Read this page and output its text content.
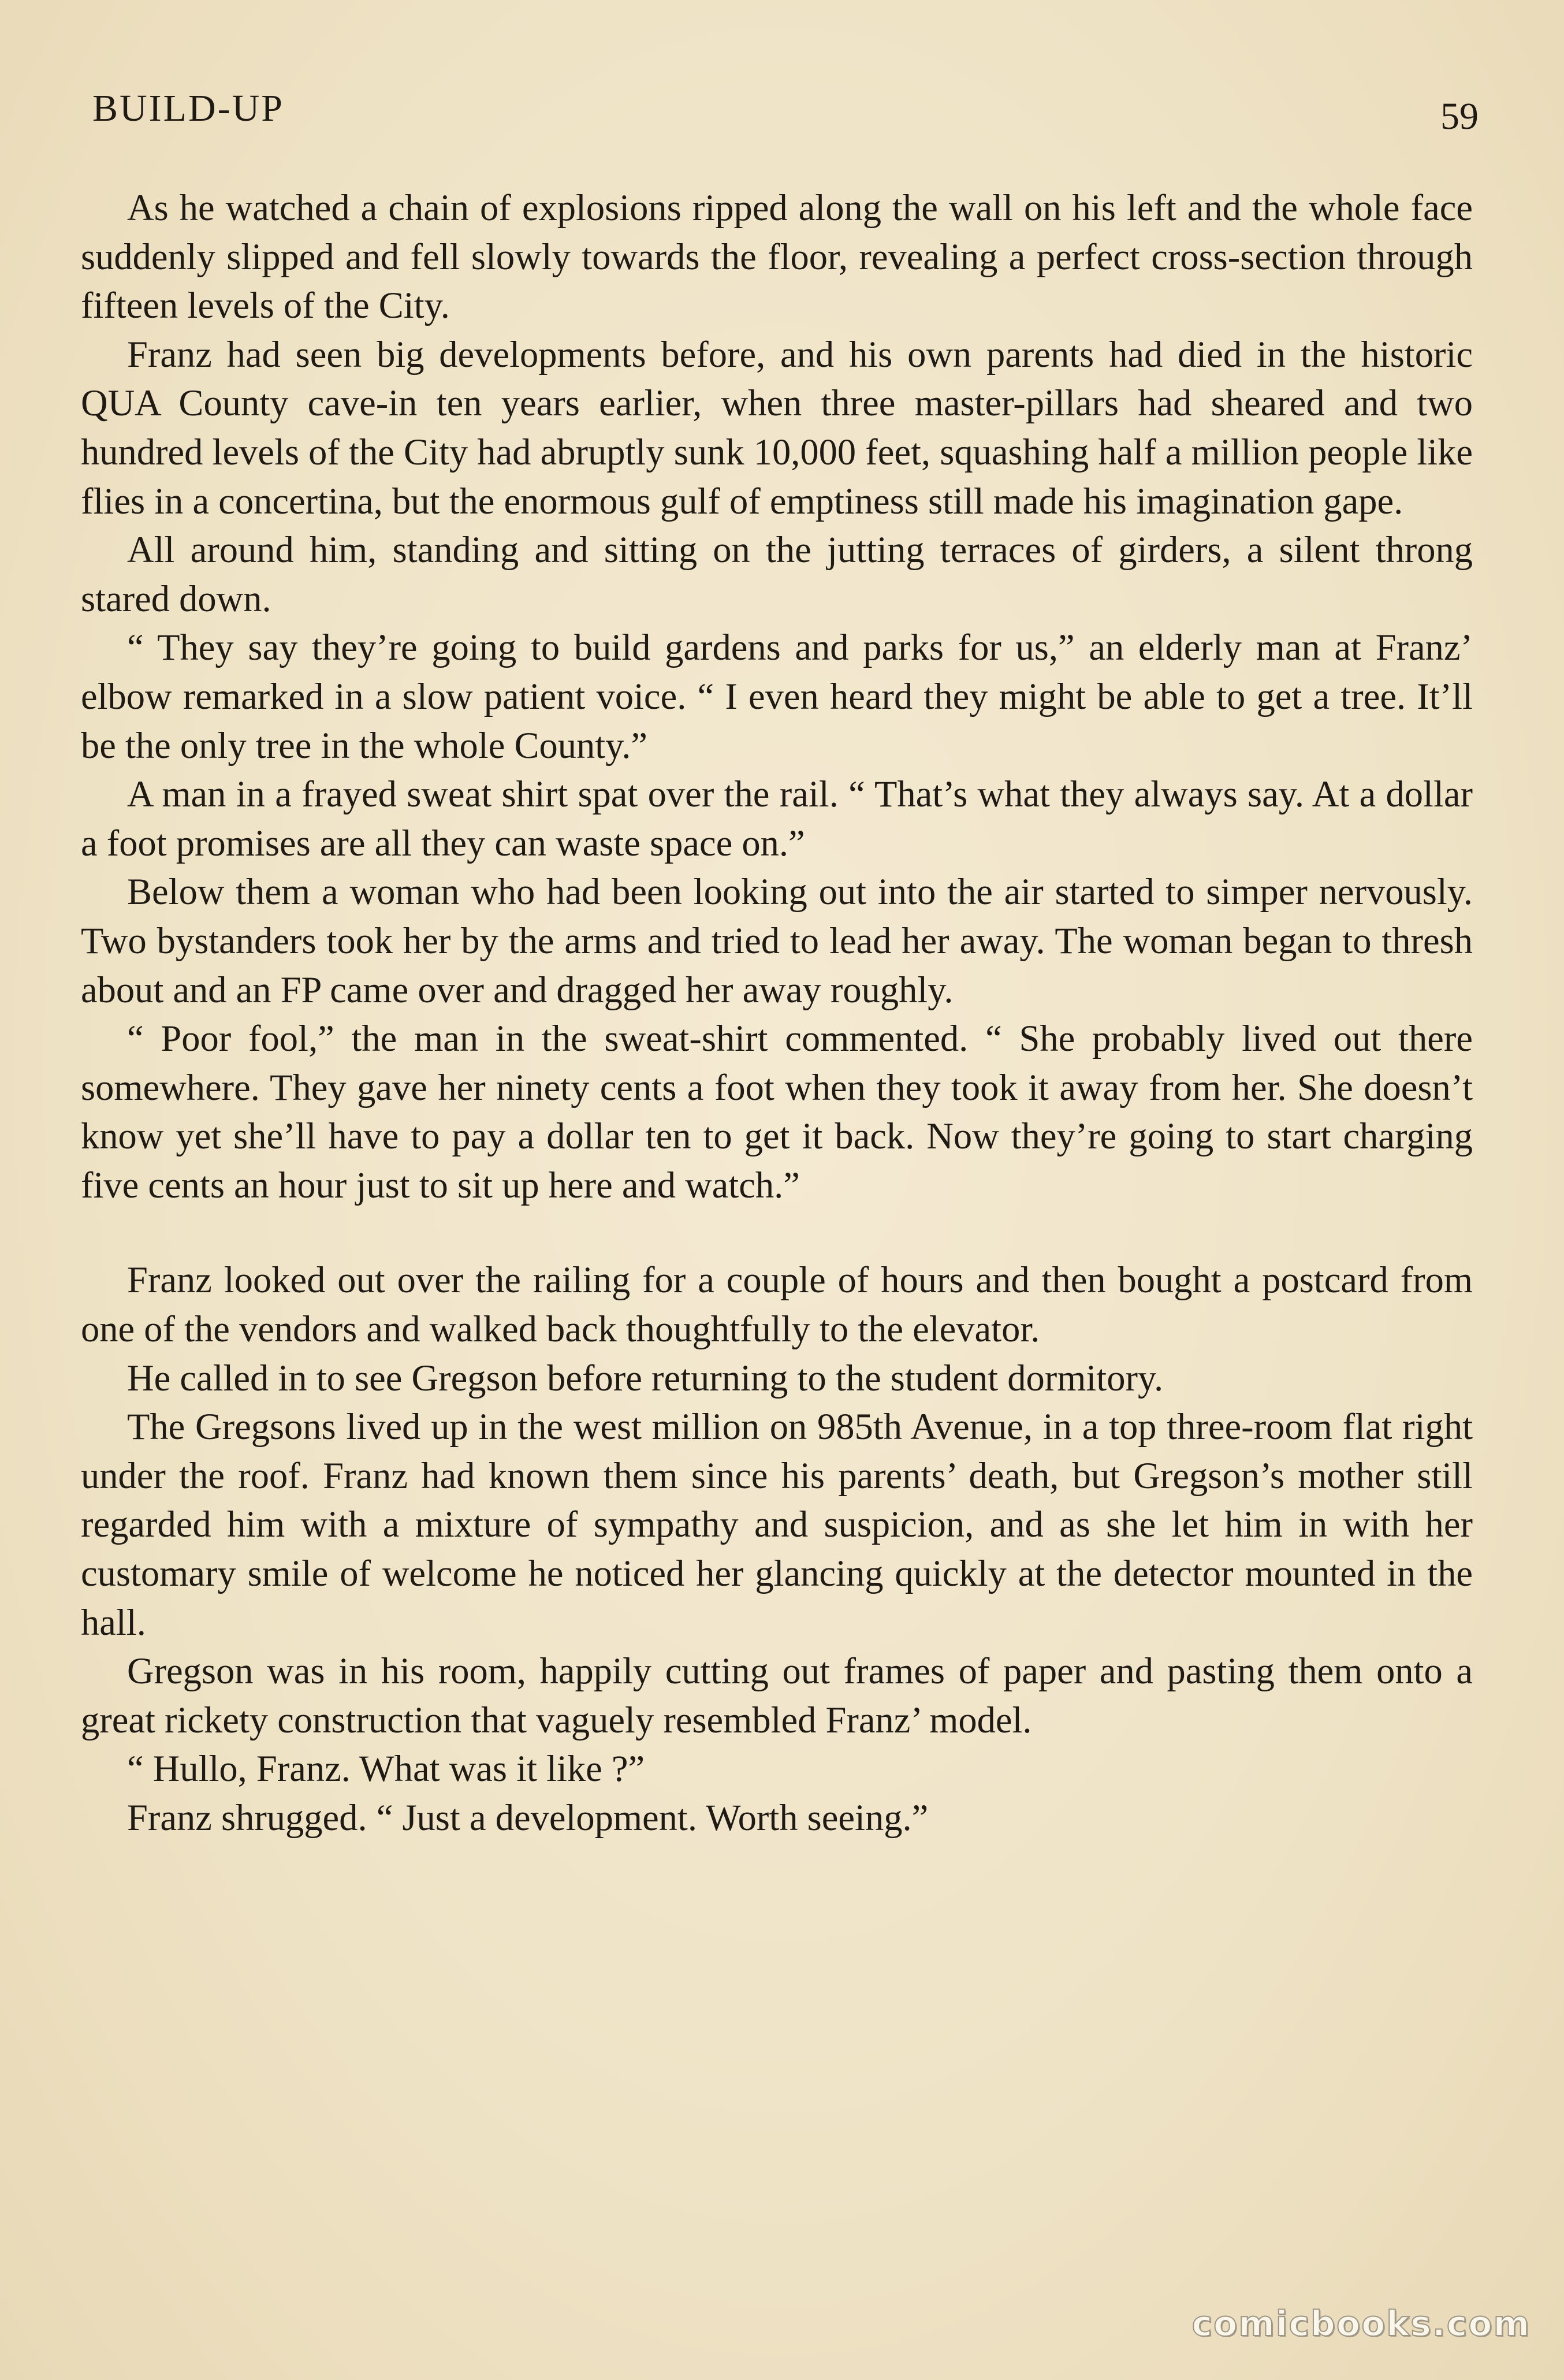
BUILD-UP	59

As he watched a chain of explosions ripped along the wall on his left and the whole face suddenly slipped and fell slowly towards the floor, revealing a perfect cross-section through fifteen levels of the City.

Franz had seen big developments before, and his own parents had died in the historic QUA County cave-in ten years earlier, when three master-pillars had sheared and two hundred levels of the City had abruptly sunk 10,000 feet, squashing half a million people like flies in a concertina, but the enormous gulf of emptiness still made his imagination gape.

All around him, standing and sitting on the jutting terraces of girders, a silent throng stared down.

“ They say they’re going to build gardens and parks for us,” an elderly man at Franz’ elbow remarked in a slow patient voice. “ I even heard they might be able to get a tree. It’ll be the only tree in the whole County.”

A man in a frayed sweat shirt spat over the rail. “ That’s what they always say. At a dollar a foot promises are all they can waste space on.”

Below them a woman who had been looking out into the air started to simper nervously. Two bystanders took her by the arms and tried to lead her away. The woman began to thresh about and an FP came over and dragged her away roughly.

“ Poor fool,” the man in the sweat-shirt commented. “ She probably lived out there somewhere. They gave her ninety cents a foot when they took it away from her. She doesn’t know yet she’ll have to pay a dollar ten to get it back. Now they’re going to start charging five cents an hour just to sit up here and watch.”

Franz looked out over the railing for a couple of hours and then bought a postcard from one of the vendors and walked back thoughtfully to the elevator.

He called in to see Gregson before returning to the student dormitory.

The Gregsons lived up in the west million on 985th Avenue, in a top three-room flat right under the roof. Franz had known them since his parents’ death, but Gregson’s mother still regarded him with a mixture of sympathy and suspicion, and as she let him in with her customary smile of welcome he noticed her glancing quickly at the detector mounted in the hall.

Gregson was in his room, happily cutting out frames of paper and pasting them onto a great rickety construction that vaguely resembled Franz’ model.

“ Hullo, Franz. What was it like ?”

Franz shrugged. “ Just a development. Worth seeing.”

comicbooks.com
